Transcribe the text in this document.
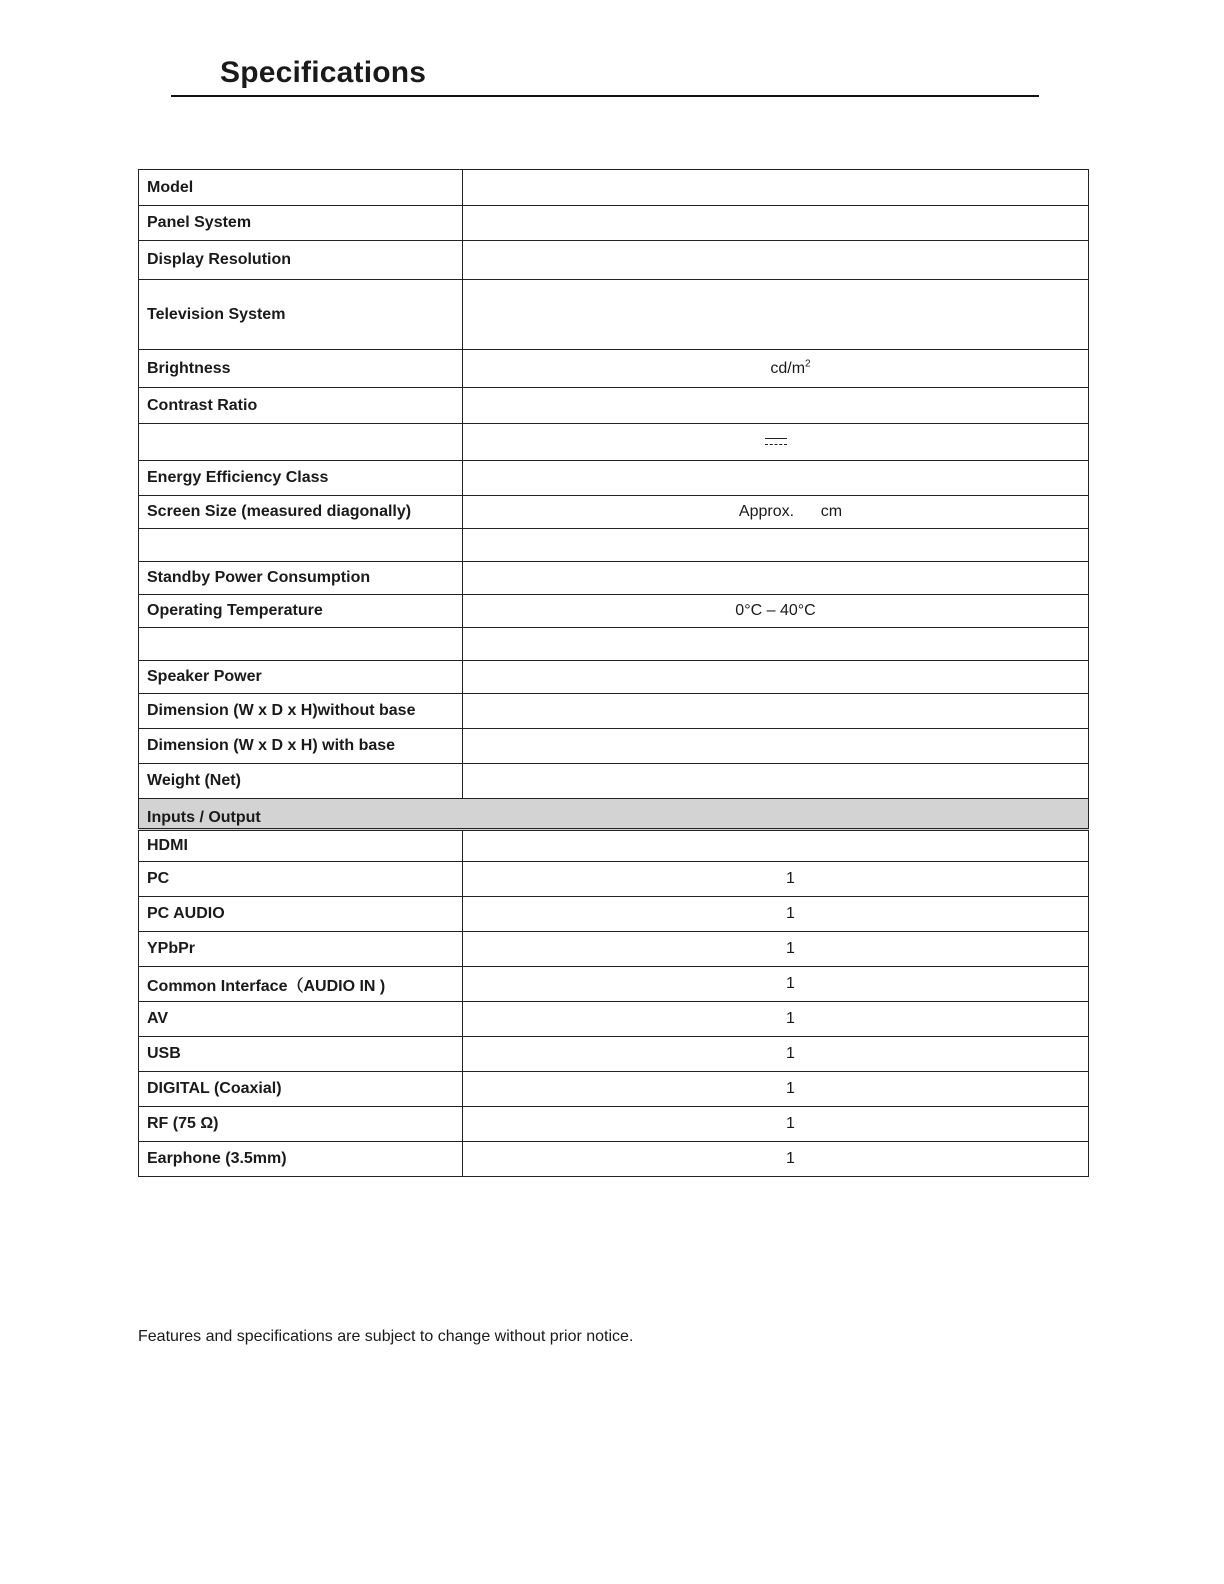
Specifications
Model	
Panel System	
Display Resolution	
Television System	
Brightness	$cd/m^2$
Contrast Ratio	

Energy Efficiency Class	
Screen Size (measured diagonally)	Approx.      cm

Standby Power Consumption	
Operating Temperature	0°C – 40°C

Speaker Power	
Dimension (W x D x H)without base	
Dimension (W x D x H) with base	
Weight (Net)	
Inputs / Output	
HDMI	
PC	1
PC AUDIO	1
YPbPr	1
Common Interface（AUDIO IN )	1
AV	1
USB	1
DIGITAL (Coaxial)	1
RF (75 Ω)	1
Earphone (3.5mm)	1

Features and specifications are subject to change without prior notice.
